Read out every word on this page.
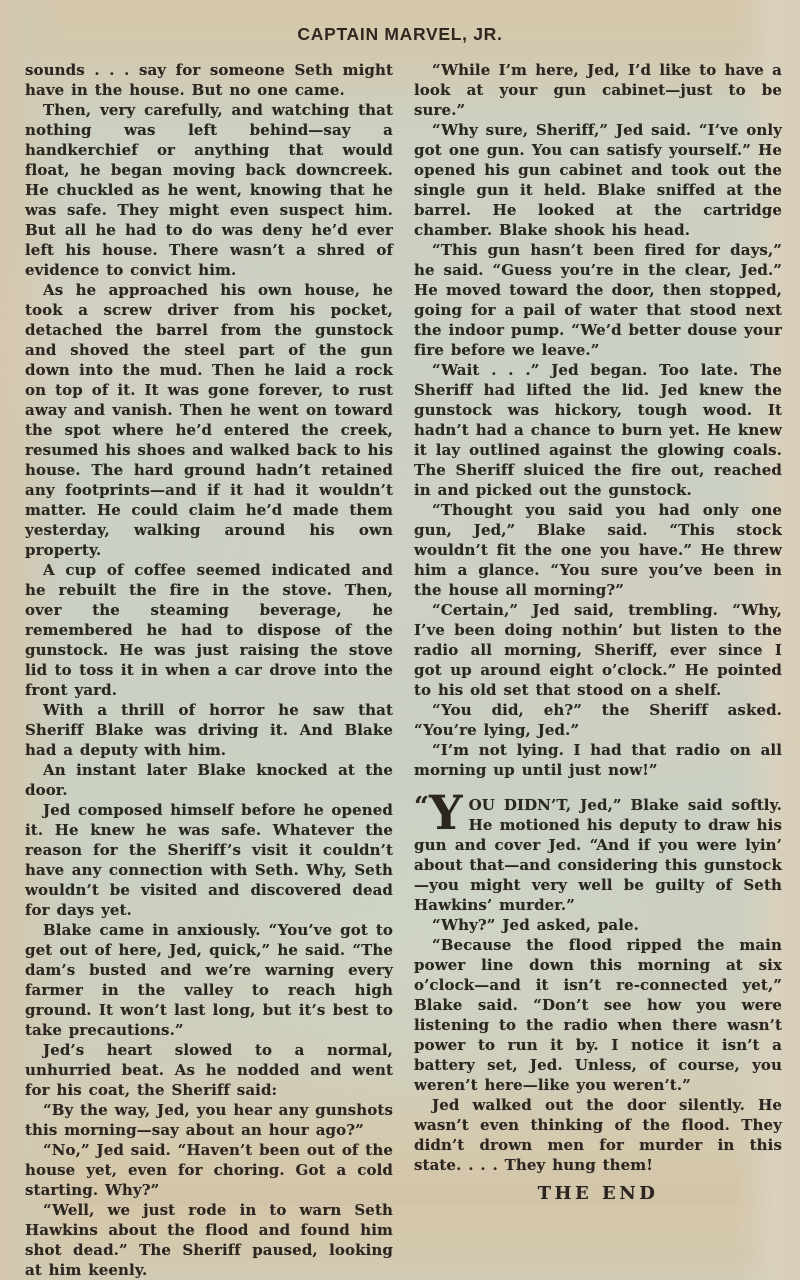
CAPTAIN MARVEL, JR.

sounds . . . say for someone Seth might have in the house. But no one came.

Then, very carefully, and watching that nothing was left behind—say a handkerchief or anything that would float, he began moving back downcreek. He chuckled as he went, knowing that he was safe. They might even suspect him. But all he had to do was deny he’d ever left his house. There wasn’t a shred of evidence to convict him.

As he approached his own house, he took a screw driver from his pocket, detached the barrel from the gunstock and shoved the steel part of the gun down into the mud. Then he laid a rock on top of it. It was gone forever, to rust away and vanish. Then he went on toward the spot where he’d entered the creek, resumed his shoes and walked back to his house. The hard ground hadn’t retained any footprints—and if it had it wouldn’t matter. He could claim he’d made them yesterday, walking around his own property.

A cup of coffee seemed indicated and he rebuilt the fire in the stove. Then, over the steaming beverage, he remembered he had to dispose of the gunstock. He was just raising the stove lid to toss it in when a car drove into the front yard.

With a thrill of horror he saw that Sheriff Blake was driving it. And Blake had a deputy with him.

An instant later Blake knocked at the door.

Jed composed himself before he opened it. He knew he was safe. Whatever the reason for the Sheriff’s visit it couldn’t have any connection with Seth. Why, Seth wouldn’t be visited and discovered dead for days yet.

Blake came in anxiously. “You’ve got to get out of here, Jed, quick,” he said. “The dam’s busted and we’re warning every farmer in the valley to reach high ground. It won’t last long, but it’s best to take precautions.”

Jed’s heart slowed to a normal, unhurried beat. As he nodded and went for his coat, the Sheriff said:

“By the way, Jed, you hear any gunshots this morning—say about an hour ago?”

“No,” Jed said. “Haven’t been out of the house yet, even for choring. Got a cold starting. Why?”

“Well, we just rode in to warn Seth Hawkins about the flood and found him shot dead.” The Sheriff paused, looking at him keenly.

“While I’m here, Jed, I’d like to have a look at your gun cabinet—just to be sure.”

“Why sure, Sheriff,” Jed said. “I’ve only got one gun. You can satisfy yourself.” He opened his gun cabinet and took out the single gun it held. Blake sniffed at the barrel. He looked at the cartridge chamber. Blake shook his head.

“This gun hasn’t been fired for days,” he said. “Guess you’re in the clear, Jed.” He moved toward the door, then stopped, going for a pail of water that stood next the indoor pump. “We’d better douse your fire before we leave.”

“Wait . . .” Jed began. Too late. The Sheriff had lifted the lid. Jed knew the gunstock was hickory, tough wood. It hadn’t had a chance to burn yet. He knew it lay outlined against the glowing coals. The Sheriff sluiced the fire out, reached in and picked out the gunstock.

“Thought you said you had only one gun, Jed,” Blake said. “This stock wouldn’t fit the one you have.” He threw him a glance. “You sure you’ve been in the house all morning?”

“Certain,” Jed said, trembling. “Why, I’ve been doing nothin’ but listen to the radio all morning, Sheriff, ever since I got up around eight o’clock.” He pointed to his old set that stood on a shelf.

“You did, eh?” the Sheriff asked. “You’re lying, Jed.”

“I’m not lying. I had that radio on all morning up until just now!”

“Y OU DIDN’T, Jed,” Blake said softly. He motioned his deputy to draw his gun and cover Jed. “And if you were lyin’ about that—and considering this gunstock—you might very well be guilty of Seth Hawkins’ murder.”

“Why?” Jed asked, pale.

“Because the flood ripped the main power line down this morning at six o’clock—and it isn’t re-connected yet,” Blake said. “Don’t see how you were listening to the radio when there wasn’t power to run it by. I notice it isn’t a battery set, Jed. Unless, of course, you weren’t here—like you weren’t.”

Jed walked out the door silently. He wasn’t even thinking of the flood. They didn’t drown men for murder in this state. . . . They hung them!

THE END
